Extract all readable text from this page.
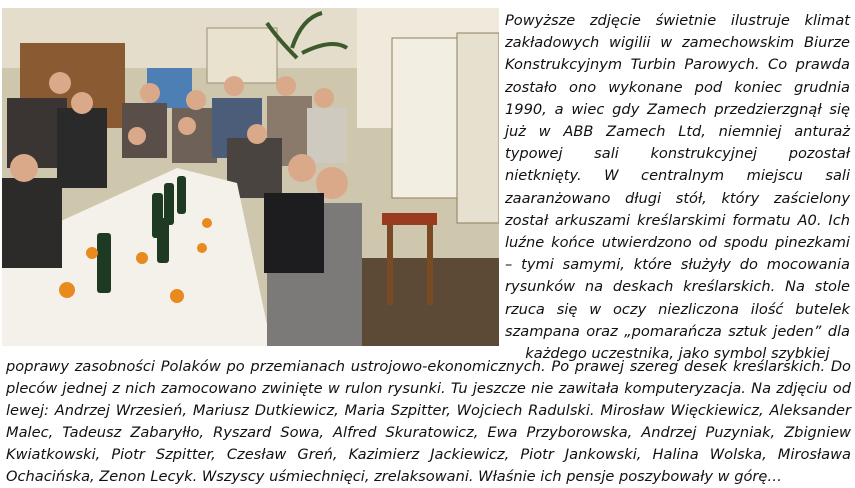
Powyższe zdjęcie świetnie ilustruje klimat zakładowych wigilii w zamechowskim Biurze Konstrukcyjnym Turbin Parowych. Co prawda zostało ono wykonane pod koniec grudnia 1990, a wiec gdy Zamech przedzierzgnął się już w ABB Zamech Ltd, niemniej anturaż typowej sali konstrukcyjnej pozostał nietknięty. W centralnym miejscu sali zaaranżowano długi stół, który zaścielony został arkuszami kreślarskimi formatu A0. Ich luźne końce utwierdzono od spodu pinezkami – tymi samymi, które służyły do mocowania rysunków na deskach kreślarskich. Na stole rzuca się w oczy niezliczona ilość butelek szampana oraz „pomarańcza sztuk jeden” dla każdego uczestnika, jako symbol szybkiej
poprawy zasobności Polaków po przemianach ustrojowo-ekonomicznych. Po prawej szereg desek kreślarskich. Do pleców jednej z nich zamocowano zwinięte w rulon rysunki. Tu jeszcze nie zawitała komputeryzacja. Na zdjęciu od lewej: Andrzej Wrzesień, Mariusz Dutkiewicz, Maria Szpitter, Wojciech Radulski. Mirosław Więckiewicz, Aleksander Malec, Tadeusz Zabaryłło, Ryszard Sowa, Alfred Skuratowicz, Ewa Przyborowska, Andrzej Puzyniak, Zbigniew Kwiatkowski, Piotr Szpitter, Czesław Greń, Kazimierz Jackiewicz, Piotr Jankowski, Halina Wolska, Mirosława Ochacińska, Zenon Lecyk. Wszyscy uśmiechnięci, zrelaksowani. Właśnie ich pensje poszybowały w górę…
